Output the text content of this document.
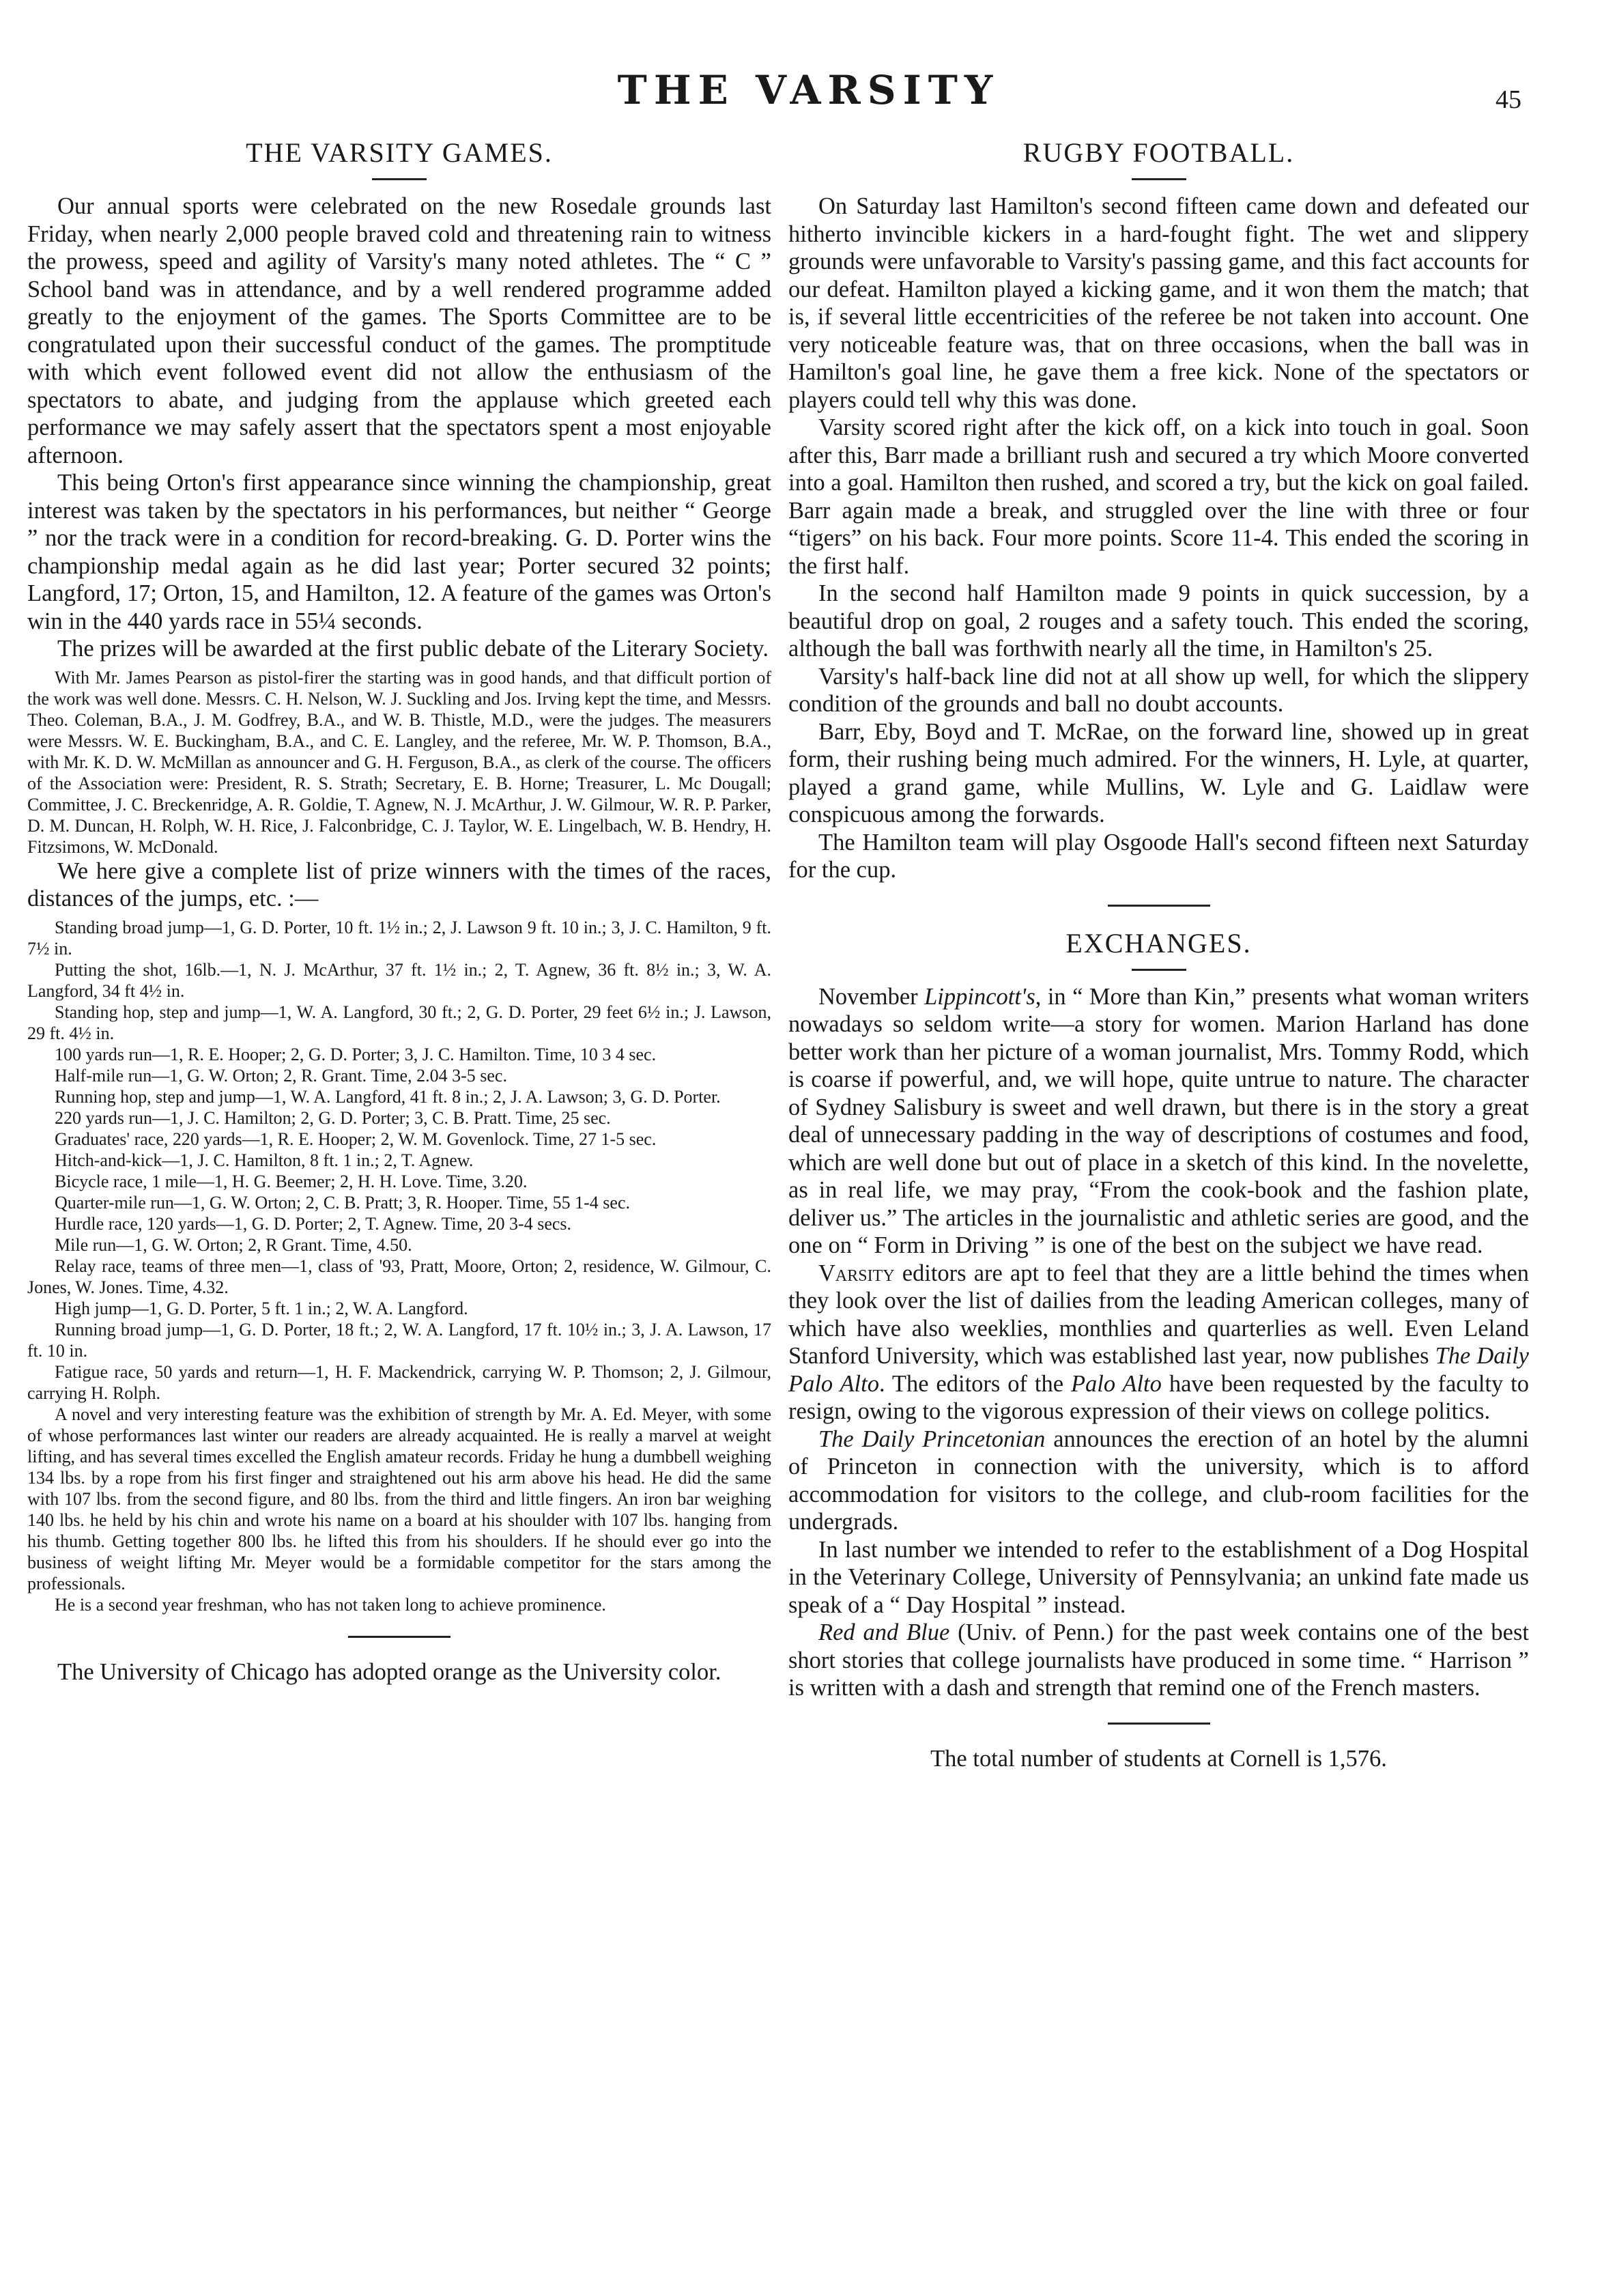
THE VARSITY	45
THE VARSITY GAMES.

Our annual sports were celebrated on the new Rosedale grounds last Friday, when nearly 2,000 people braved cold and threatening rain to witness the prowess, speed and agility of Varsity's many noted athletes. The “ C ” School band was in attendance, and by a well rendered programme added greatly to the enjoyment of the games. The Sports Committee are to be congratulated upon their successful conduct of the games. The promptitude with which event followed event did not allow the enthusiasm of the spectators to abate, and judging from the applause which greeted each performance we may safely assert that the spectators spent a most enjoyable afternoon.

This being Orton's first appearance since winning the championship, great interest was taken by the spectators in his performances, but neither “ George ” nor the track were in a condition for record-breaking. G. D. Porter wins the championship medal again as he did last year; Porter secured 32 points; Langford, 17; Orton, 15, and Hamilton, 12. A feature of the games was Orton's win in the 440 yards race in 55¼ seconds.

The prizes will be awarded at the first public debate of the Literary Society.

With Mr. James Pearson as pistol-firer the starting was in good hands, and that difficult portion of the work was well done. Messrs. C. H. Nelson, W. J. Suckling and Jos. Irving kept the time, and Messrs. Theo. Coleman, B.A., J. M. Godfrey, B.A., and W. B. Thistle, M.D., were the judges. The measurers were Messrs. W. E. Buckingham, B.A., and C. E. Langley, and the referee, Mr. W. P. Thomson, B.A., with Mr. K. D. W. McMillan as announcer and G. H. Ferguson, B.A., as clerk of the course. The officers of the Association were: President, R. S. Strath; Secretary, E. B. Horne; Treasurer, L. Mc Dougall; Committee, J. C. Breckenridge, A. R. Goldie, T. Agnew, N. J. McArthur, J. W. Gilmour, W. R. P. Parker, D. M. Duncan, H. Rolph, W. H. Rice, J. Falconbridge, C. J. Taylor, W. E. Lingelbach, W. B. Hendry, H. Fitzsimons, W. McDonald.

We here give a complete list of prize winners with the times of the races, distances of the jumps, etc. :—

Standing broad jump—1, G. D. Porter, 10 ft. 1½ in.; 2, J. Lawson 9 ft. 10 in.; 3, J. C. Hamilton, 9 ft. 7½ in.

Putting the shot, 16lb.—1, N. J. McArthur, 37 ft. 1½ in.; 2, T. Agnew, 36 ft. 8½ in.; 3, W. A. Langford, 34 ft 4½ in.

Standing hop, step and jump—1, W. A. Langford, 30 ft.; 2, G. D. Porter, 29 feet 6½ in.; J. Lawson, 29 ft. 4½ in.

100 yards run—1, R. E. Hooper; 2, G. D. Porter; 3, J. C. Hamilton. Time, 10 3 4 sec.

Half-mile run—1, G. W. Orton; 2, R. Grant. Time, 2.04 3-5 sec.

Running hop, step and jump—1, W. A. Langford, 41 ft. 8 in.; 2, J. A. Lawson; 3, G. D. Porter.

220 yards run—1, J. C. Hamilton; 2, G. D. Porter; 3, C. B. Pratt. Time, 25 sec.

Graduates' race, 220 yards—1, R. E. Hooper; 2, W. M. Govenlock. Time, 27 1-5 sec.

Hitch-and-kick—1, J. C. Hamilton, 8 ft. 1 in.; 2, T. Agnew.

Bicycle race, 1 mile—1, H. G. Beemer; 2, H. H. Love. Time, 3.20.

Quarter-mile run—1, G. W. Orton; 2, C. B. Pratt; 3, R. Hooper. Time, 55 1-4 sec.

Hurdle race, 120 yards—1, G. D. Porter; 2, T. Agnew. Time, 20 3-4 secs.

Mile run—1, G. W. Orton; 2, R Grant. Time, 4.50.

Relay race, teams of three men—1, class of '93, Pratt, Moore, Orton; 2, residence, W. Gilmour, C. Jones, W. Jones. Time, 4.32.

High jump—1, G. D. Porter, 5 ft. 1 in.; 2, W. A. Langford.

Running broad jump—1, G. D. Porter, 18 ft.; 2, W. A. Langford, 17 ft. 10½ in.; 3, J. A. Lawson, 17 ft. 10 in.

Fatigue race, 50 yards and return—1, H. F. Mackendrick, carrying W. P. Thomson; 2, J. Gilmour, carrying H. Rolph.

A novel and very interesting feature was the exhibition of strength by Mr. A. Ed. Meyer, with some of whose performances last winter our readers are already acquainted. He is really a marvel at weight lifting, and has several times excelled the English amateur records. Friday he hung a dumbbell weighing 134 lbs. by a rope from his first finger and straightened out his arm above his head. He did the same with 107 lbs. from the second figure, and 80 lbs. from the third and little fingers. An iron bar weighing 140 lbs. he held by his chin and wrote his name on a board at his shoulder with 107 lbs. hanging from his thumb. Getting together 800 lbs. he lifted this from his shoulders. If he should ever go into the business of weight lifting Mr. Meyer would be a formidable competitor for the stars among the professionals.

He is a second year freshman, who has not taken long to achieve prominence.

The University of Chicago has adopted orange as the University color.

RUGBY FOOTBALL.

On Saturday last Hamilton's second fifteen came down and defeated our hitherto invincible kickers in a hard-fought fight. The wet and slippery grounds were unfavorable to Varsity's passing game, and this fact accounts for our defeat. Hamilton played a kicking game, and it won them the match; that is, if several little eccentricities of the referee be not taken into account. One very noticeable feature was, that on three occasions, when the ball was in Hamilton's goal line, he gave them a free kick. None of the spectators or players could tell why this was done.

Varsity scored right after the kick off, on a kick into touch in goal. Soon after this, Barr made a brilliant rush and secured a try which Moore converted into a goal. Hamilton then rushed, and scored a try, but the kick on goal failed. Barr again made a break, and struggled over the line with three or four “tigers” on his back. Four more points. Score 11-4. This ended the scoring in the first half.

In the second half Hamilton made 9 points in quick succession, by a beautiful drop on goal, 2 rouges and a safety touch. This ended the scoring, although the ball was forthwith nearly all the time, in Hamilton's 25.

Varsity's half-back line did not at all show up well, for which the slippery condition of the grounds and ball no doubt accounts.

Barr, Eby, Boyd and T. McRae, on the forward line, showed up in great form, their rushing being much admired. For the winners, H. Lyle, at quarter, played a grand game, while Mullins, W. Lyle and G. Laidlaw were conspicuous among the forwards.

The Hamilton team will play Osgoode Hall's second fifteen next Saturday for the cup.

EXCHANGES.

November Lippincott's, in “ More than Kin,” presents what woman writers nowadays so seldom write—a story for women. Marion Harland has done better work than her picture of a woman journalist, Mrs. Tommy Rodd, which is coarse if powerful, and, we will hope, quite untrue to nature. The character of Sydney Salisbury is sweet and well drawn, but there is in the story a great deal of unnecessary padding in the way of descriptions of costumes and food, which are well done but out of place in a sketch of this kind. In the novelette, as in real life, we may pray, “From the cook-book and the fashion plate, deliver us.” The articles in the journalistic and athletic series are good, and the one on “ Form in Driving ” is one of the best on the subject we have read.

Varsity editors are apt to feel that they are a little behind the times when they look over the list of dailies from the leading American colleges, many of which have also weeklies, monthlies and quarterlies as well. Even Leland Stanford University, which was established last year, now publishes The Daily Palo Alto. The editors of the Palo Alto have been requested by the faculty to resign, owing to the vigorous expression of their views on college politics.

The Daily Princetonian announces the erection of an hotel by the alumni of Princeton in connection with the university, which is to afford accommodation for visitors to the college, and club-room facilities for the undergrads.

In last number we intended to refer to the establishment of a Dog Hospital in the Veterinary College, University of Pennsylvania; an unkind fate made us speak of a “ Day Hospital ” instead.

Red and Blue (Univ. of Penn.) for the past week contains one of the best short stories that college journalists have produced in some time. “ Harrison ” is written with a dash and strength that remind one of the French masters.

The total number of students at Cornell is 1,576.
